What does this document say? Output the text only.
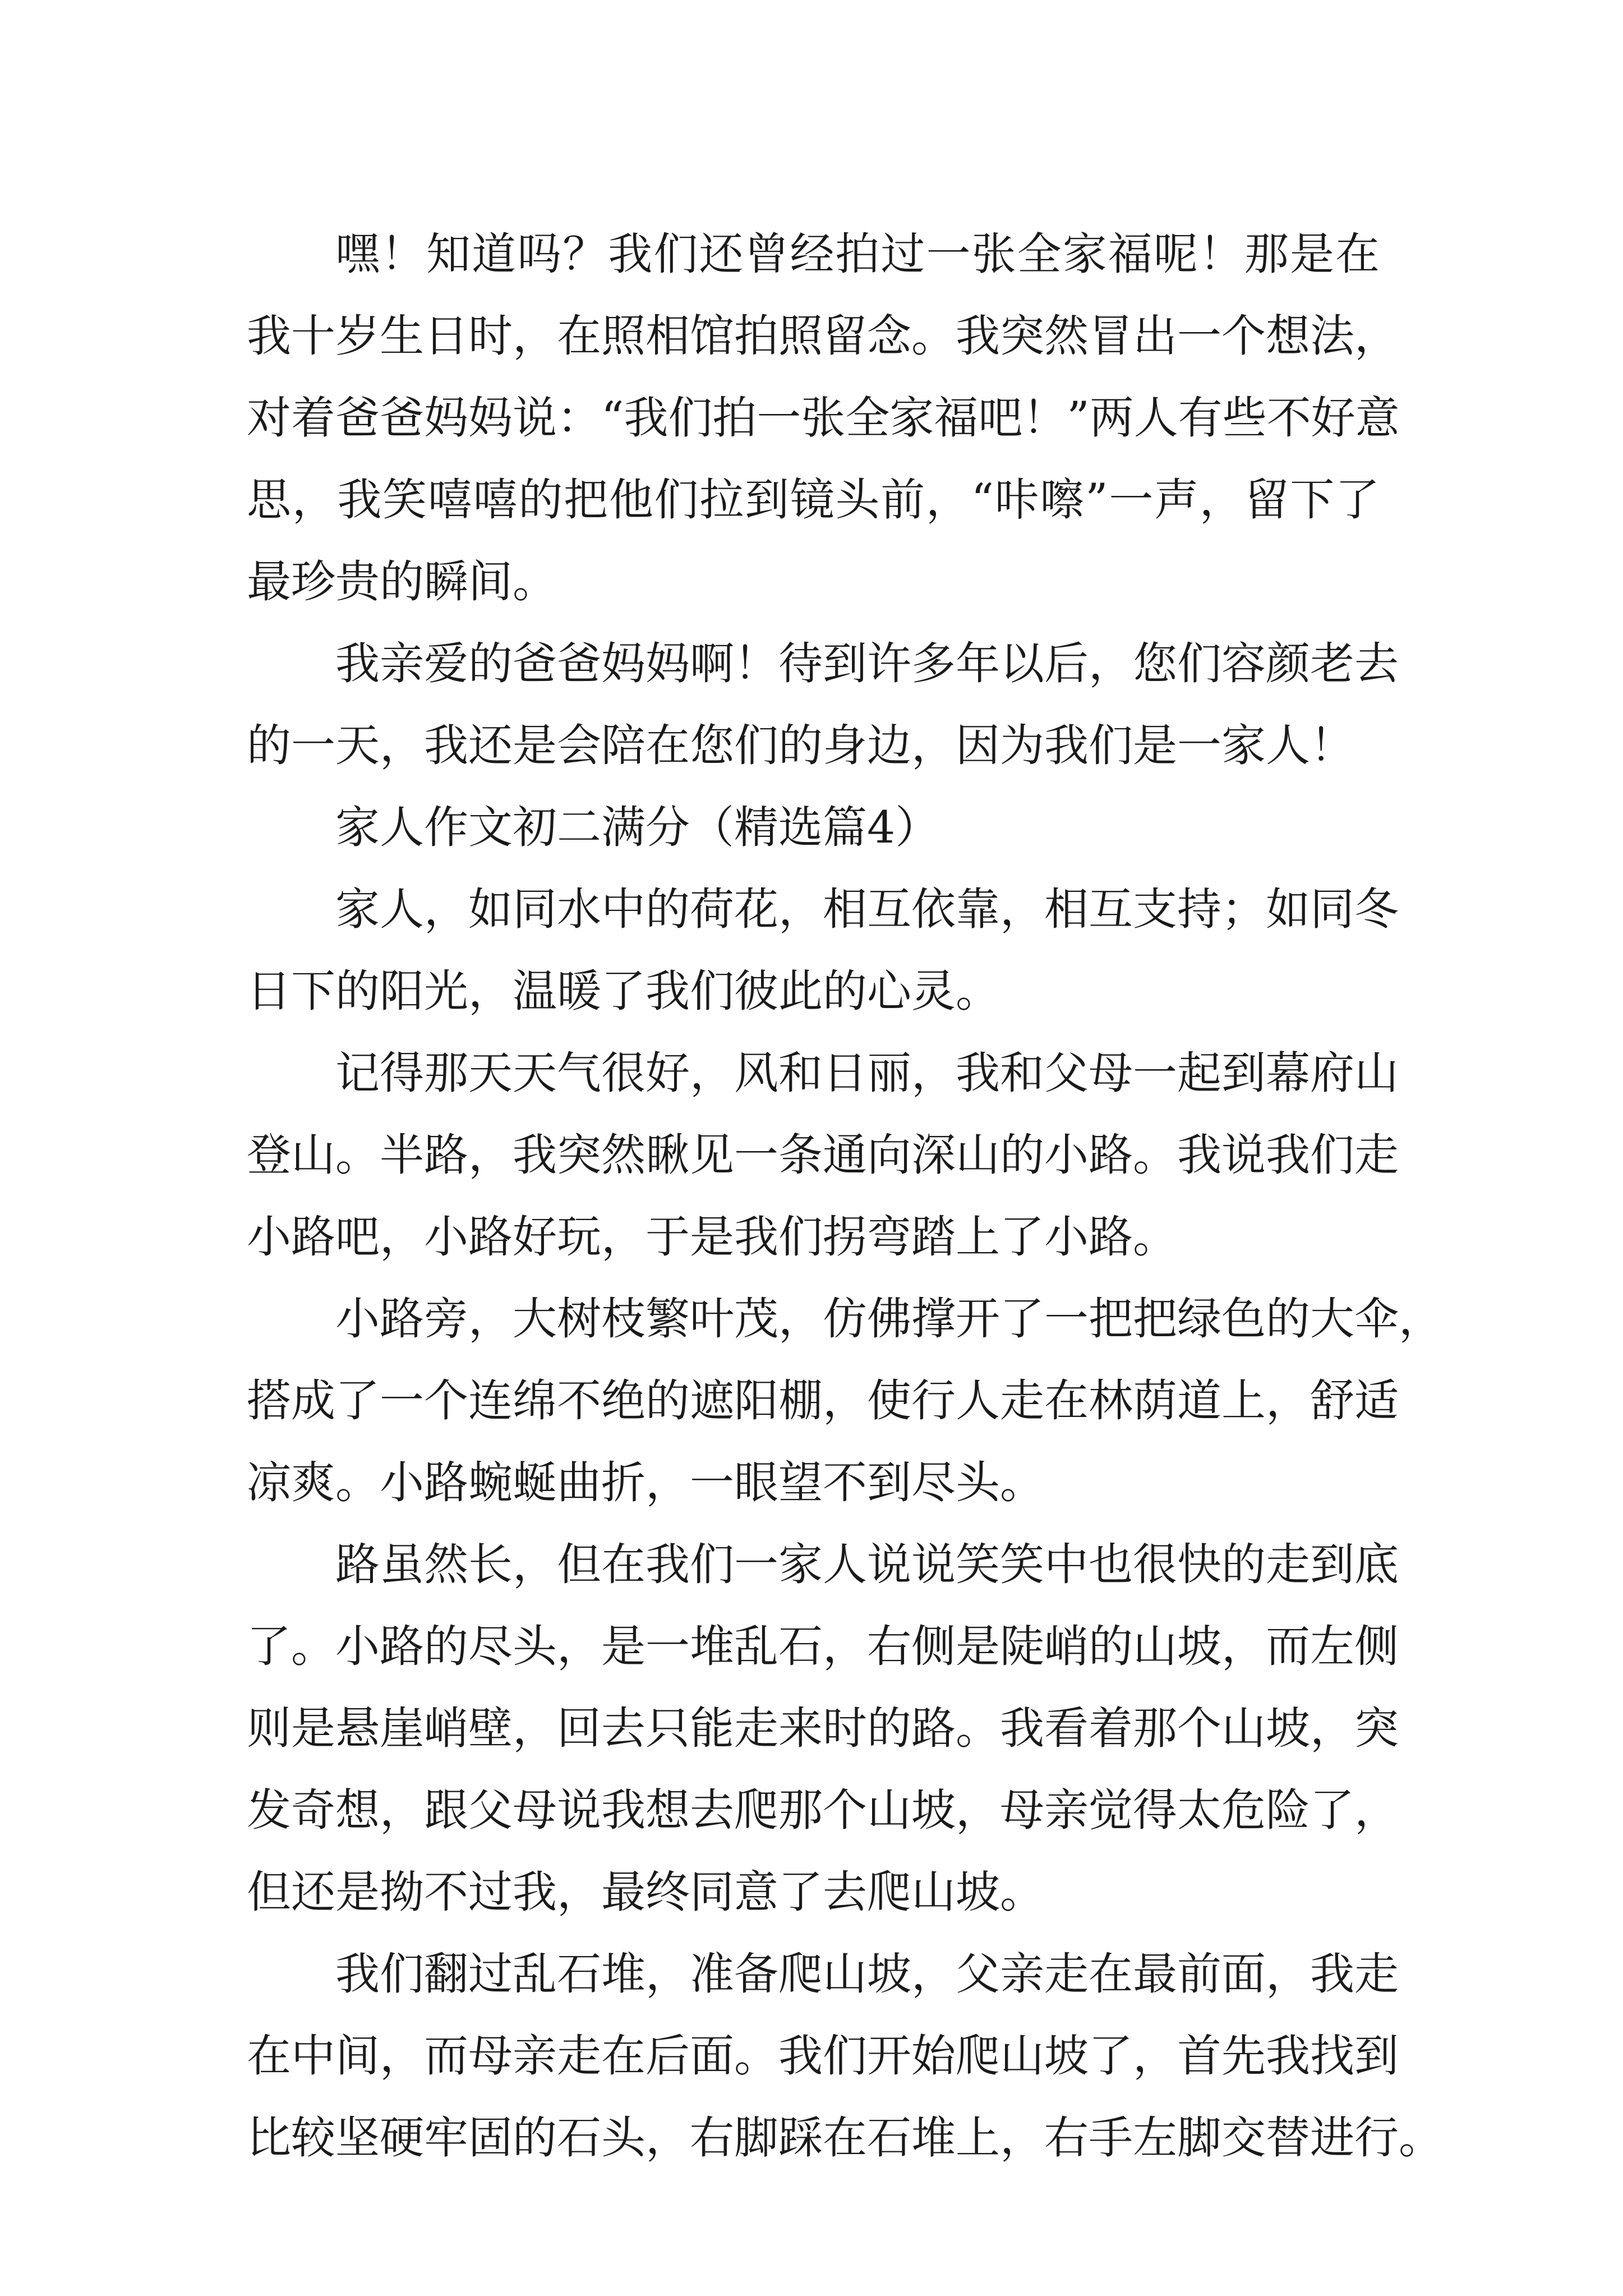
嘿！知道吗？我们还曾经拍过一张全家福呢！那是在
我十岁生日时，在照相馆拍照留念。我突然冒出一个想法，
对着爸爸妈妈说：“我们拍一张全家福吧！”两人有些不好意
思，我笑嘻嘻的把他们拉到镜头前，“咔嚓”一声，留下了
最珍贵的瞬间。
我亲爱的爸爸妈妈啊！待到许多年以后，您们容颜老去
的一天，我还是会陪在您们的身边，因为我们是一家人！
家人作文初二满分（精选篇4）
家人，如同水中的荷花，相互依靠，相互支持；如同冬
日下的阳光，温暖了我们彼此的心灵。
记得那天天气很好，风和日丽，我和父母一起到幕府山
登山。半路，我突然瞅见一条通向深山的小路。我说我们走
小路吧，小路好玩，于是我们拐弯踏上了小路。
小路旁，大树枝繁叶茂，仿佛撑开了一把把绿色的大伞，
搭成了一个连绵不绝的遮阳棚，使行人走在林荫道上，舒适
凉爽。小路蜿蜒曲折，一眼望不到尽头。
路虽然长，但在我们一家人说说笑笑中也很快的走到底
了。小路的尽头，是一堆乱石，右侧是陡峭的山坡，而左侧
则是悬崖峭壁，回去只能走来时的路。我看着那个山坡，突
发奇想，跟父母说我想去爬那个山坡，母亲觉得太危险了，
但还是拗不过我，最终同意了去爬山坡。
我们翻过乱石堆，准备爬山坡，父亲走在最前面，我走
在中间，而母亲走在后面。我们开始爬山坡了，首先我找到
比较坚硬牢固的石头，右脚踩在石堆上，右手左脚交替进行。
